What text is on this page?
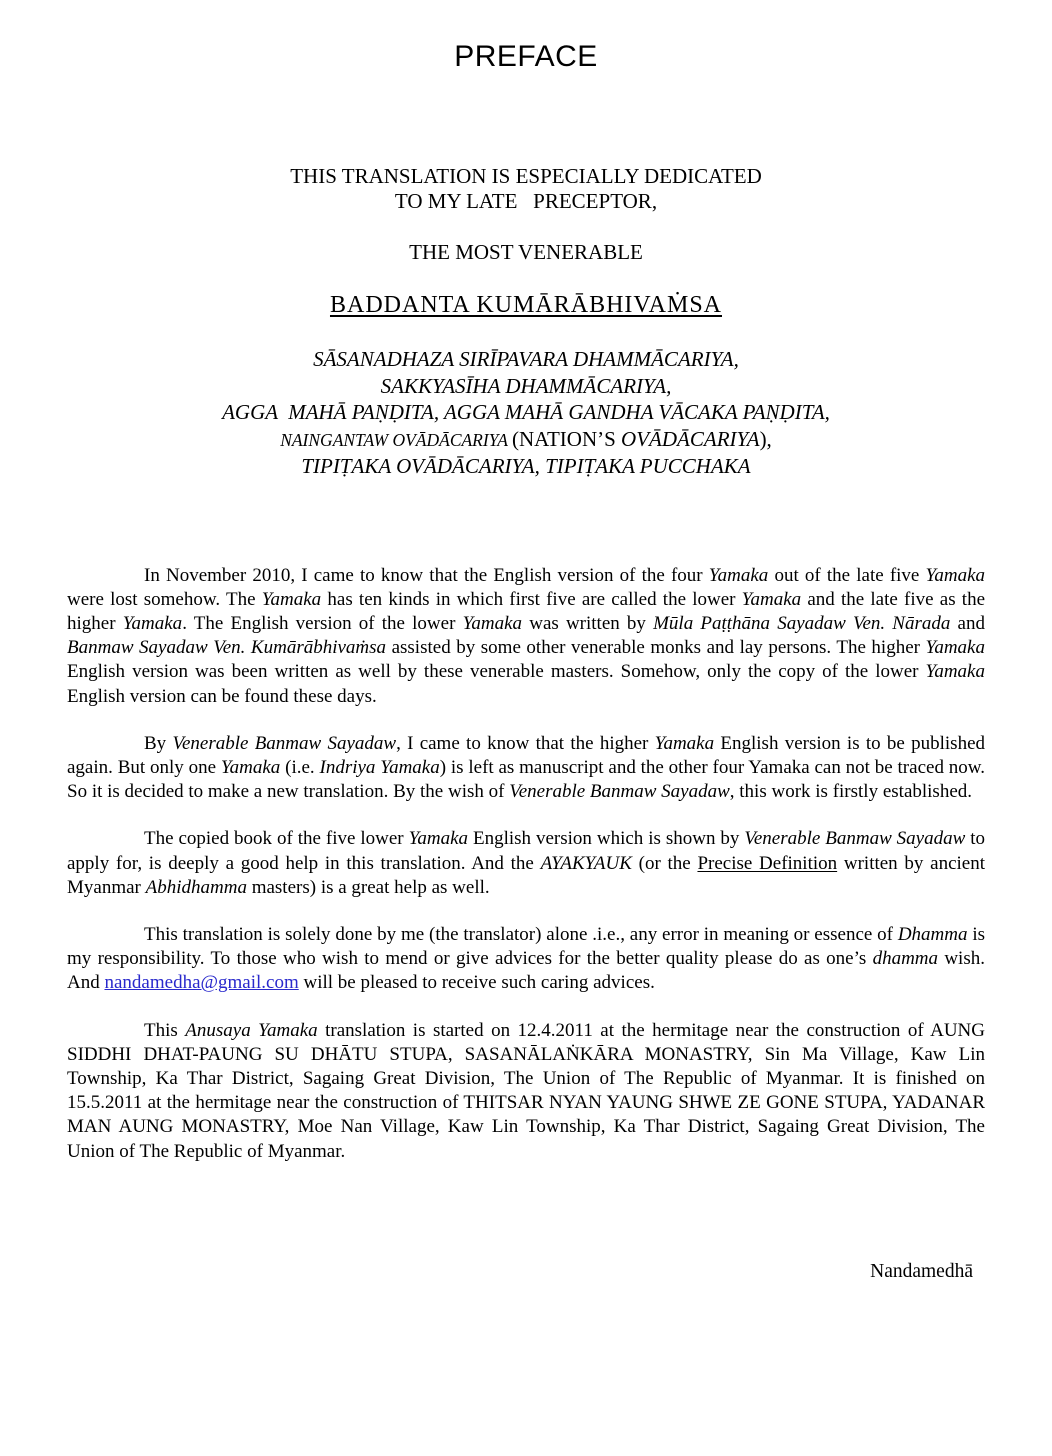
PREFACE

THIS TRANSLATION IS ESPECIALLY DEDICATED

TO MY LATE   PRECEPTOR,

THE MOST VENERABLE

BADDANTA KUMĀRĀBHIVAṀSA

SĀSANADHAZA SIRĪPAVARA DHAMMĀCARIYA,

SAKKYASĪHA DHAMMĀCARIYA,

AGGA  MAHĀ PAṆḌITA, AGGA MAHĀ GANDHA VĀCAKA PAṆḌITA,

NAINGANTAW OVĀDĀCARIYA (NATION’S OVĀDĀCARIYA),

TIPIṬAKA OVĀDĀCARIYA, TIPIṬAKA PUCCHAKA

In November 2010, I came to know that the English version of the four Yamaka out of the late five Yamaka were lost somehow. The Yamaka has ten kinds in which first five are called the lower Yamaka and the late five as the higher Yamaka. The English version of the lower Yamaka was written by Mūla Paṭṭhāna Sayadaw Ven. Nārada and Banmaw Sayadaw Ven. Kumārābhivaṁsa assisted by some other venerable monks and lay persons. The higher Yamaka English version was been written as well by these venerable masters. Somehow, only the copy of the lower Yamaka English version can be found these days.

By Venerable Banmaw Sayadaw, I came to know that the higher Yamaka English version is to be published again. But only one Yamaka (i.e. Indriya Yamaka) is left as manuscript and the other four Yamaka can not be traced now. So it is decided to make a new translation. By the wish of Venerable Banmaw Sayadaw, this work is firstly established.

The copied book of the five lower Yamaka English version which is shown by Venerable Banmaw Sayadaw to apply for, is deeply a good help in this translation. And the AYAKYAUK (or the Precise Definition written by ancient Myanmar Abhidhamma masters) is a great help as well.

This translation is solely done by me (the translator) alone .i.e., any error in meaning or essence of Dhamma is my responsibility. To those who wish to mend or give advices for the better quality please do as one’s dhamma wish. And nandamedha@gmail.com will be pleased to receive such caring advices.

This Anusaya Yamaka translation is started on 12.4.2011 at the hermitage near the construction of AUNG SIDDHI DHAT-PAUNG SU DHĀTU STUPA, SASANĀLAṄKĀRA MONASTRY, Sin Ma Village, Kaw Lin Township, Ka Thar District, Sagaing Great Division, The Union of The Republic of Myanmar. It is finished on 15.5.2011 at the hermitage near the construction of THITSAR NYAN YAUNG SHWE ZE GONE STUPA, YADANAR MAN AUNG MONASTRY, Moe Nan Village, Kaw Lin Township, Ka Thar District, Sagaing Great Division, The Union of The Republic of Myanmar.

Nandamedhā
